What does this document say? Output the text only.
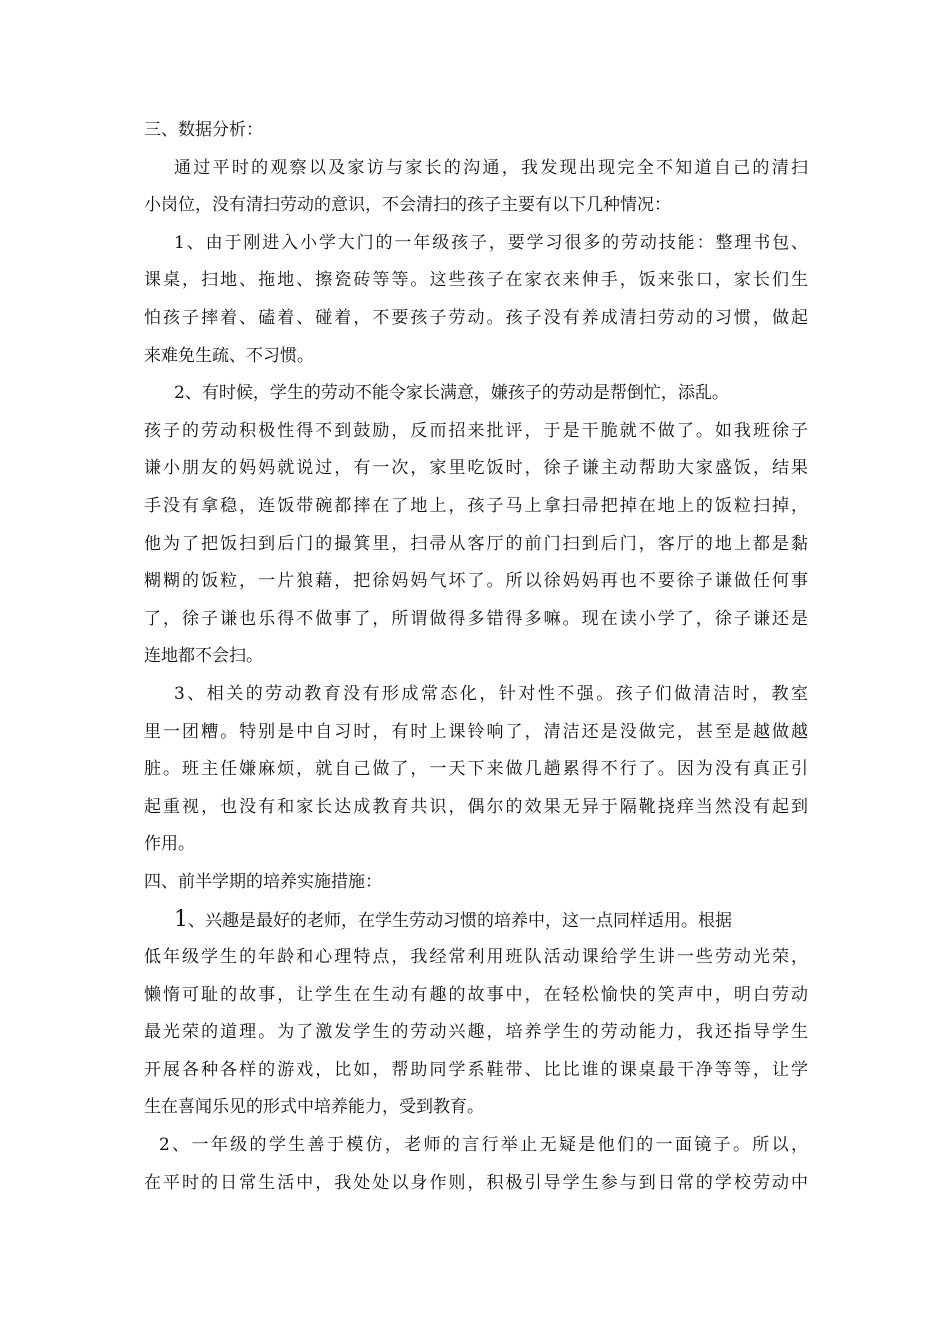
三、数据分析：
通过平时的观察以及家访与家长的沟通，我发现出现完全不知道自己的清扫
小岗位，没有清扫劳动的意识，不会清扫的孩子主要有以下几种情况：
1、由于刚进入小学大门的一年级孩子，要学习很多的劳动技能：整理书包、
课桌，扫地、拖地、擦瓷砖等等。这些孩子在家衣来伸手，饭来张口，家长们生
怕孩子摔着、磕着、碰着，不要孩子劳动。孩子没有养成清扫劳动的习惯，做起
来难免生疏、不习惯。
2、有时候，学生的劳动不能令家长满意，嫌孩子的劳动是帮倒忙，添乱。
孩子的劳动积极性得不到鼓励，反而招来批评，于是干脆就不做了。如我班徐子
谦小朋友的妈妈就说过，有一次，家里吃饭时，徐子谦主动帮助大家盛饭，结果
手没有拿稳，连饭带碗都摔在了地上，孩子马上拿扫帚把掉在地上的饭粒扫掉，
他为了把饭扫到后门的撮箕里，扫帚从客厅的前门扫到后门，客厅的地上都是黏
糊糊的饭粒，一片狼藉，把徐妈妈气坏了。所以徐妈妈再也不要徐子谦做任何事
了，徐子谦也乐得不做事了，所谓做得多错得多嘛。现在读小学了，徐子谦还是
连地都不会扫。
3、相关的劳动教育没有形成常态化，针对性不强。孩子们做清洁时，教室
里一团糟。特别是中自习时，有时上课铃响了，清洁还是没做完，甚至是越做越
脏。班主任嫌麻烦，就自己做了，一天下来做几趟累得不行了。因为没有真正引
起重视，也没有和家长达成教育共识，偶尔的效果无异于隔靴挠痒当然没有起到
作用。
四、前半学期的培养实施措施：
1、兴趣是最好的老师，在学生劳动习惯的培养中，这一点同样适用。根据
低年级学生的年龄和心理特点，我经常利用班队活动课给学生讲一些劳动光荣，
懒惰可耻的故事，让学生在生动有趣的故事中，在轻松愉快的笑声中，明白劳动
最光荣的道理。为了激发学生的劳动兴趣，培养学生的劳动能力，我还指导学生
开展各种各样的游戏，比如，帮助同学系鞋带、比比谁的课桌最干净等等，让学
生在喜闻乐见的形式中培养能力，受到教育。
2、一年级的学生善于模仿，老师的言行举止无疑是他们的一面镜子。所以，
在平时的日常生活中，我处处以身作则，积极引导学生参与到日常的学校劳动中
